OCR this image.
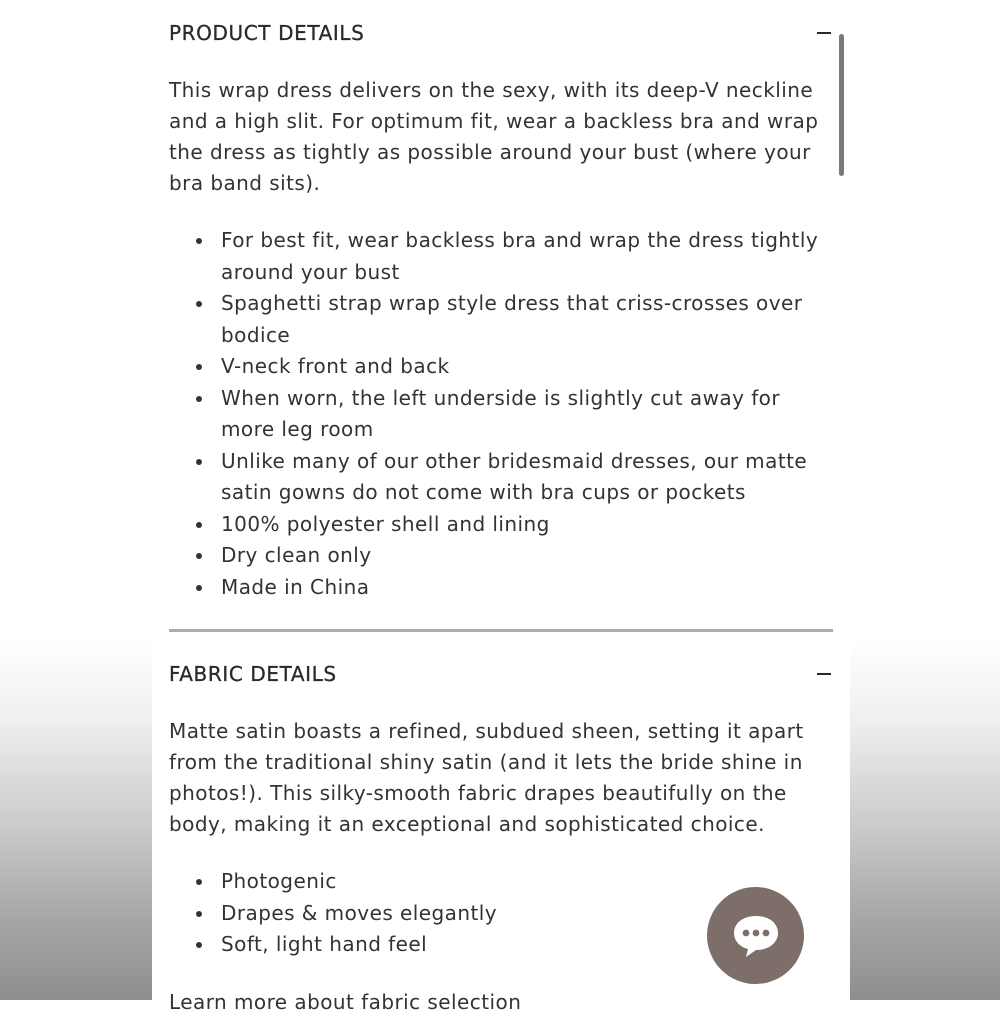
PRODUCT DETAILS

This wrap dress delivers on the sexy, with its deep-V neckline and a high slit. For optimum fit, wear a backless bra and wrap the dress as tightly as possible around your bust (where your bra band sits).

For best fit, wear backless bra and wrap the dress tightly around your bust
Spaghetti strap wrap style dress that criss-crosses over bodice
V-neck front and back
When worn, the left underside is slightly cut away for more leg room
Unlike many of our other bridesmaid dresses, our matte satin gowns do not come with bra cups or pockets
100% polyester shell and lining
Dry clean only
Made in China
FABRIC DETAILS

Matte satin boasts a refined, subdued sheen, setting it apart from the traditional shiny satin (and it lets the bride shine in photos!). This silky-smooth fabric drapes beautifully on the body, making it an exceptional and sophisticated choice.

Photogenic
Drapes & moves elegantly
Soft, light hand feel
Learn more about fabric selection
